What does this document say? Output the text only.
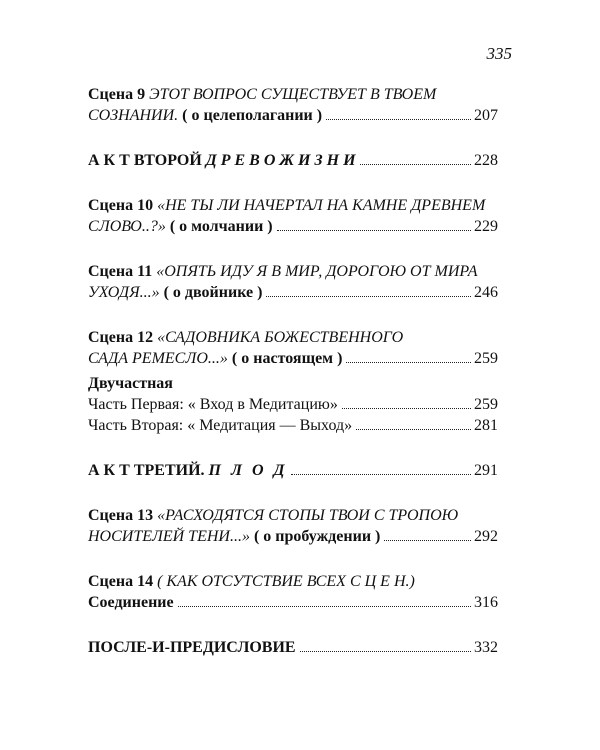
335
Сцена 9
ЭТОТ ВОПРОС СУЩЕСТВУЕТ В ТВОЕМ
СОЗНАНИИ.
( о целеполагании )	207
А К Т ВТОРОЙ
Д Р Е В О Ж И З Н И	228
Сцена 10
«НЕ ТЫ ЛИ НАЧЕРТАЛ НА КАМНЕ ДРЕВНЕМ
СЛОВО..?»
( о молчании )	229
Сцена 11
«ОПЯТЬ ИДУ Я В МИР, ДОРОГОЮ ОТ МИРА
УХОДЯ...»
( о двойнике )	246
Сцена 12
«САДОВНИКА БОЖЕСТВЕННОГО
САДА РЕМЕСЛО...»
( о настоящем )	259
Двучастная
Часть Первая: « Вход в Медитацию»	259
Часть Вторая: « Медитация — Выход»	281
А К Т ТРЕТИЙ.
П Л О Д	291
Сцена 13
«РАСХОДЯТСЯ СТОПЫ ТВОИ С ТРОПОЮ
НОСИТЕЛЕЙ ТЕНИ...»
( о пробуждении )	292
Сцена 14
( КАК ОТСУТСТВИЕ ВСЕХ С Ц Е Н.)
Соединение	316
ПОСЛЕ-И-ПРЕДИСЛОВИЕ	332
